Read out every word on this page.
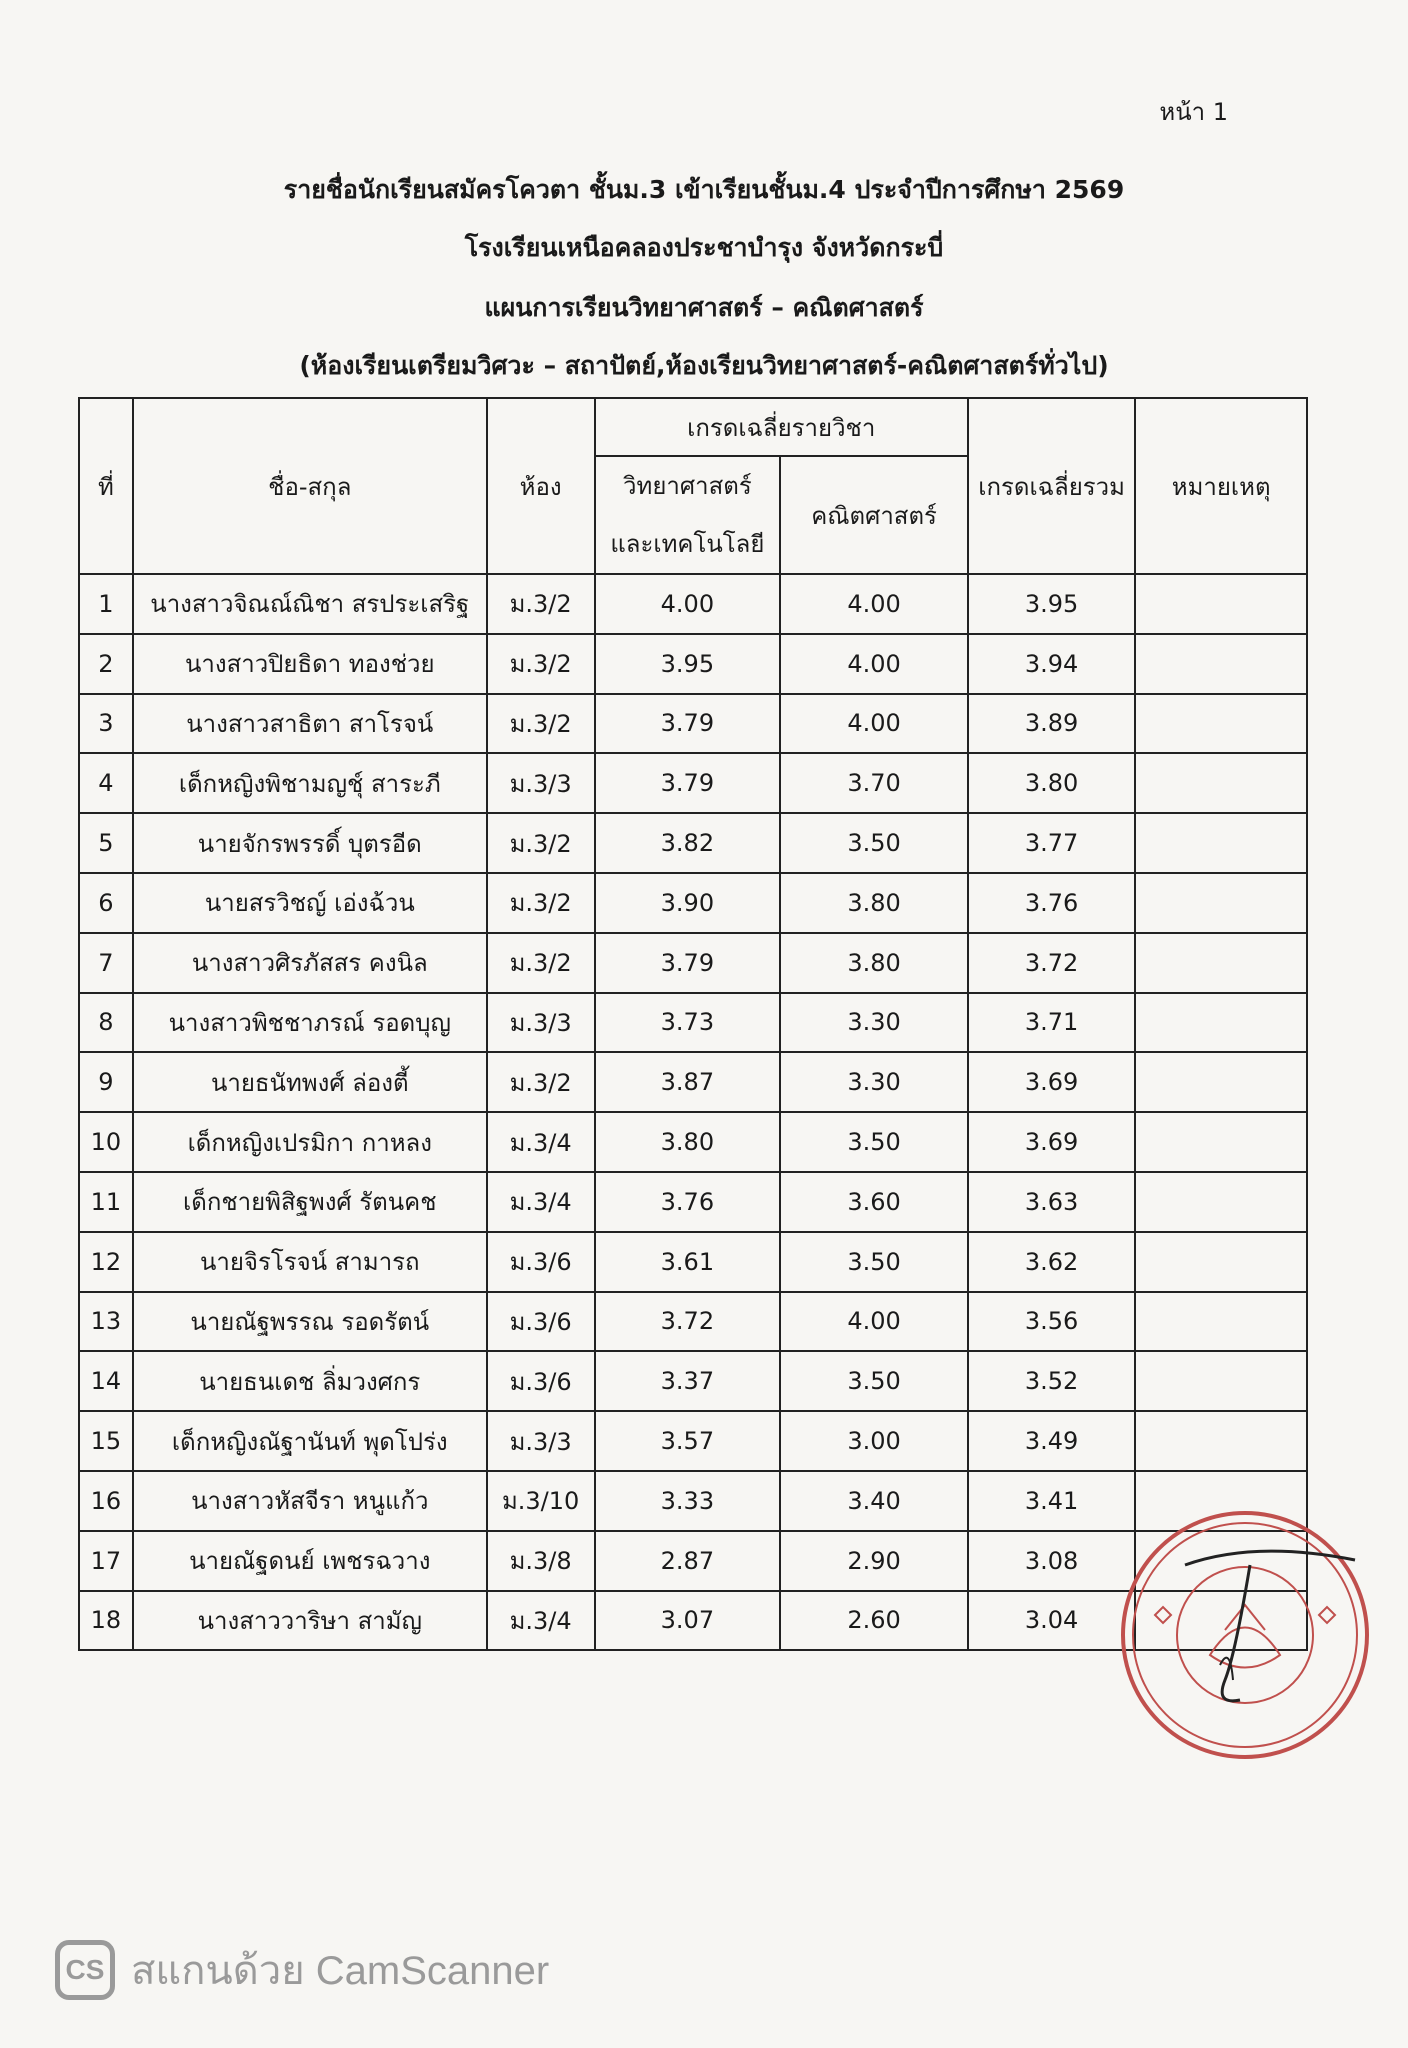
หน้า 1
รายชื่อนักเรียนสมัครโควตา ชั้นม.3 เข้าเรียนชั้นม.4 ประจำปีการศึกษา 2569
โรงเรียนเหนือคลองประชาบำรุง จังหวัดกระบี่
แผนการเรียนวิทยาศาสตร์ – คณิตศาสตร์
(ห้องเรียนเตรียมวิศวะ – สถาปัตย์,ห้องเรียนวิทยาศาสตร์-คณิตศาสตร์ทั่วไป)
ที่	ชื่อ-สกุล	ห้อง	เกรดเฉลี่ยรายวิชา		เกรดเฉลี่ยรวม	หมายเหตุ
			วิทยาศาสตร์	คณิตศาสตร์		
			และเทคโนโลยี			
1	นางสาวจิณณ์ณิชา สรประเสริฐ	ม.3/2	4.00	4.00	3.95	
2	นางสาวปิยธิดา ทองช่วย	ม.3/2	3.95	4.00	3.94	
3	นางสาวสาธิตา สาโรจน์	ม.3/2	3.79	4.00	3.89	
4	เด็กหญิงพิชามญชุ์ สาระภี	ม.3/3	3.79	3.70	3.80	
5	นายจักรพรรดิ์ บุตรอีด	ม.3/2	3.82	3.50	3.77	
6	นายสรวิชญ์ เอ่งฉ้วน	ม.3/2	3.90	3.80	3.76	
7	นางสาวศิรภัสสร คงนิล	ม.3/2	3.79	3.80	3.72	
8	นางสาวพิชชาภรณ์ รอดบุญ	ม.3/3	3.73	3.30	3.71	
9	นายธนัทพงศ์ ล่องตี้	ม.3/2	3.87	3.30	3.69	
10	เด็กหญิงเปรมิกา กาหลง	ม.3/4	3.80	3.50	3.69	
11	เด็กชายพิสิฐพงศ์ รัตนคช	ม.3/4	3.76	3.60	3.63	
12	นายจิรโรจน์ สามารถ	ม.3/6	3.61	3.50	3.62	
13	นายณัฐพรรณ รอดรัตน์	ม.3/6	3.72	4.00	3.56	
14	นายธนเดช ลิ่มวงศกร	ม.3/6	3.37	3.50	3.52	
15	เด็กหญิงณัฐานันท์ พุดโปร่ง	ม.3/3	3.57	3.00	3.49	
16	นางสาวหัสจีรา หนูแก้ว	ม.3/10	3.33	3.40	3.41	
17	นายณัฐดนย์ เพชรฉวาง	ม.3/8	2.87	2.90	3.08	
18	นางสาววาริษา สามัญ	ม.3/4	3.07	2.60	3.04	
CS สแกนด้วย CamScanner
